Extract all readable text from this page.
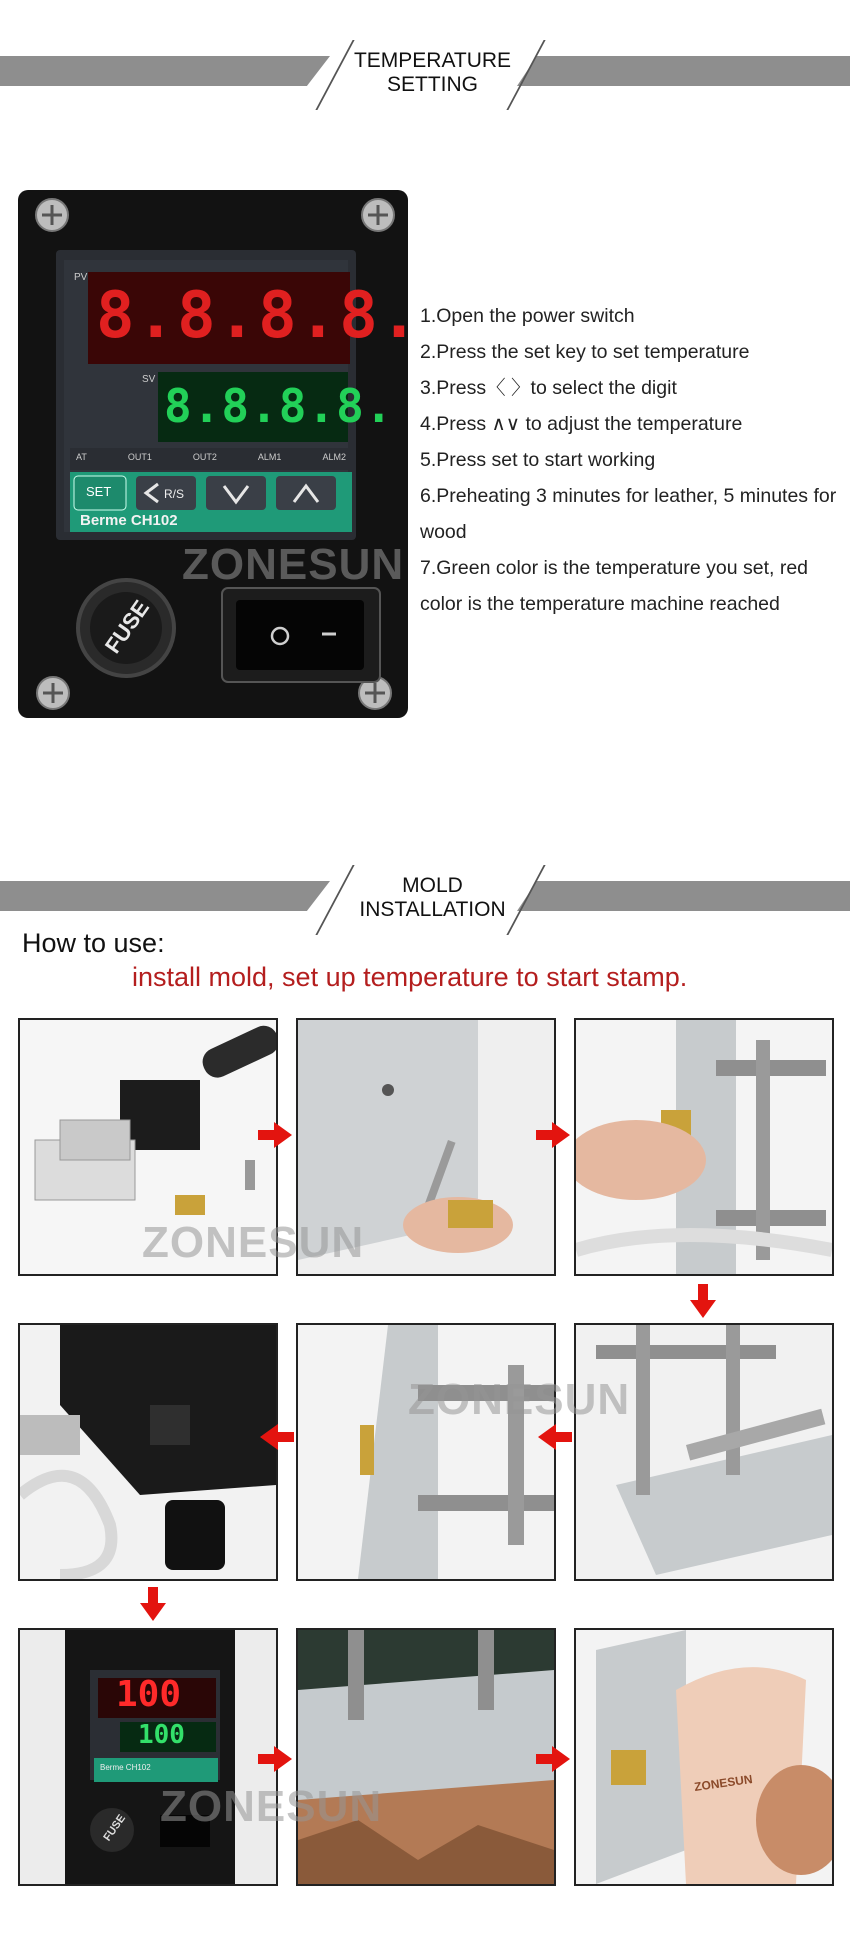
TEMPERATURE
SETTING
PV
8.8.8.8.
SV 8.8.8.8.
AT	OUT1	OUT2	ALM1	ALM2
SET	R/S
Berme CH102
FUSE
ZONESUN
1.Open the power switch
2.Press the set key to set temperature
3.Press〈 〉to select the digit
4.Press ∧∨ to adjust the temperature
5.Press set to start working
6.Preheating 3 minutes for leather, 5 minutes for wood
7.Green color is the temperature you set, red color is the temperature machine reached
MOLD
INSTALLATION
How to use:
install mold, set up temperature to start stamp.
100
100
Berme CH102
FUSE
ZONESUN
ZONESUN
ZONESUN
ZONESUN
